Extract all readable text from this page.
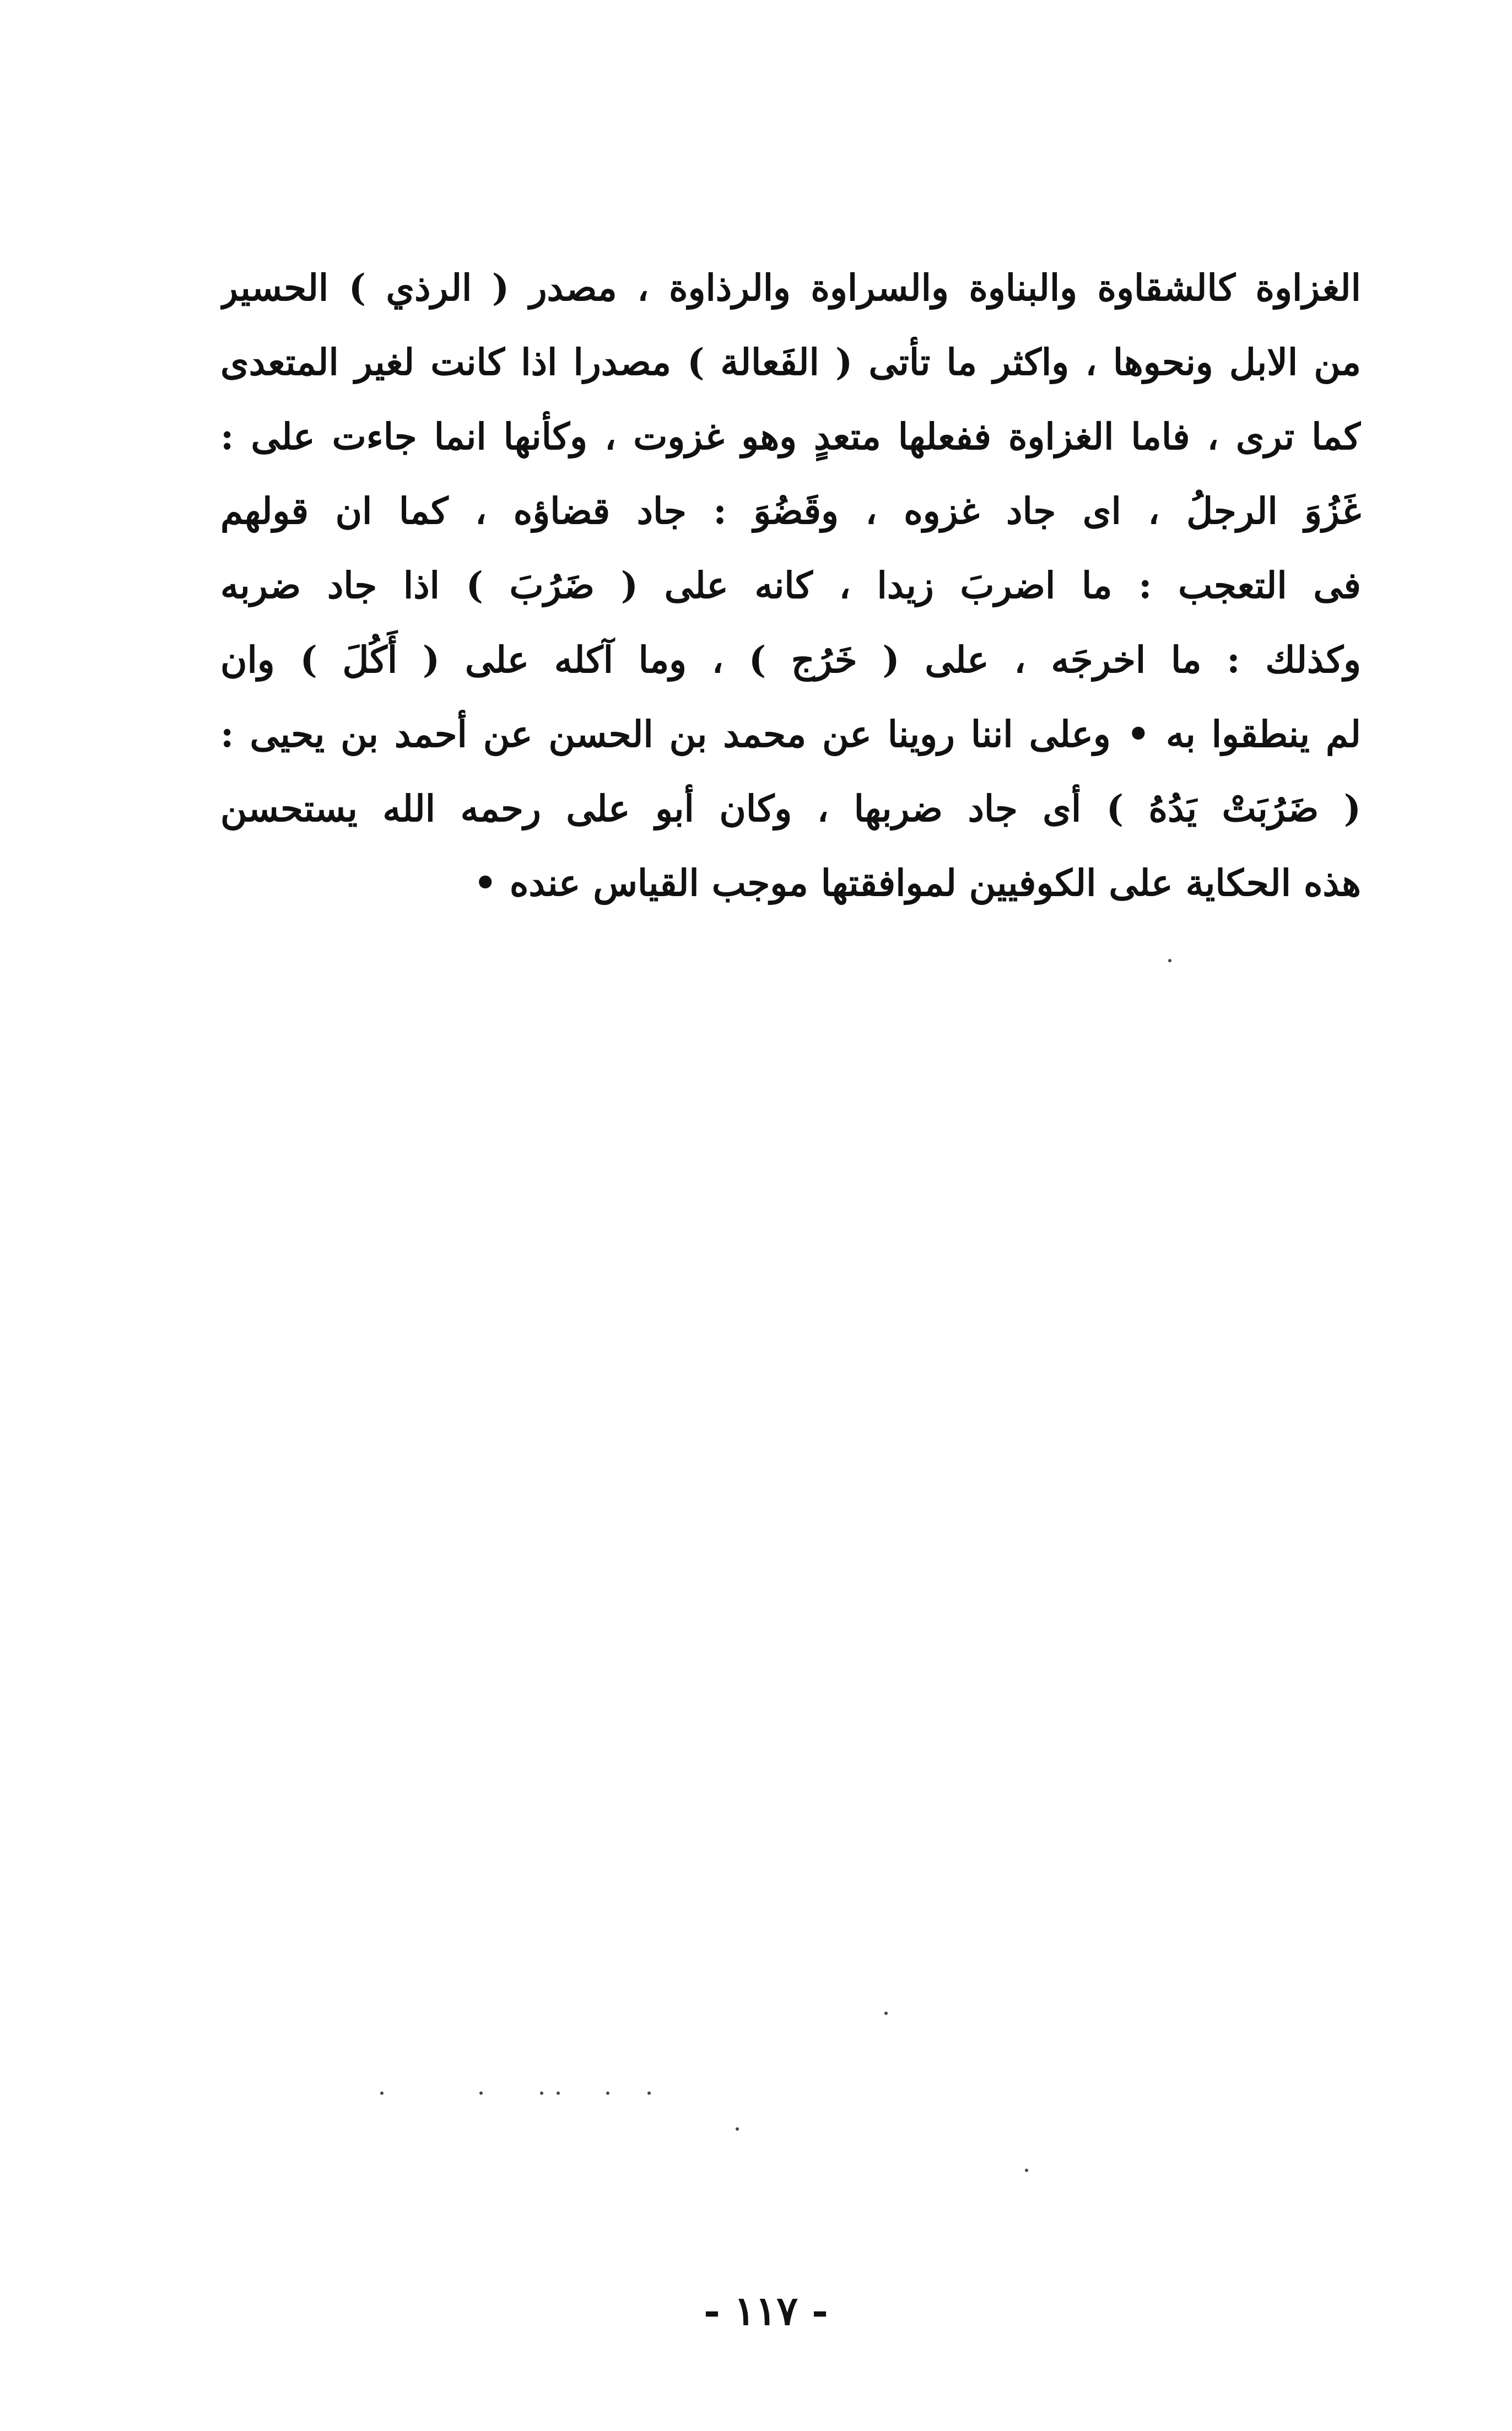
الغزاوة كالشقاوة والبناوة والسراوة والرذاوة ، مصدر ( الرذي ) الحسير
من الابل ونحوها ، واكثر ما تأتى ( الفَعالة ) مصدرا اذا كانت لغير المتعدى
كما ترى ، فاما الغزاوة ففعلها متعدٍ وهو غزوت ، وكأنها انما جاءت على :
غَزُوَ الرجلُ ، اى جاد غزوه ، وقَضُوَ : جاد قضاؤه ، كما ان قولهم
فى التعجب : ما اضربَ زيدا ، كانه على ( ضَرُبَ ) اذا جاد ضربه
وكذلك : ما اخرجَه ، على ( خَرُج ) ، وما آكله على ( أَكُلَ ) وان
لم ينطقوا به • وعلى اننا روينا عن محمد بن الحسن عن أحمد بن يحيى :
( ضَرُبَتْ يَدُهُ ) أى جاد ضربها ، وكان أبو على رحمه الله يستحسن
هذه الحكاية على الكوفيين لموافقتها موجب القياس عنده •
- ١١٧ -
